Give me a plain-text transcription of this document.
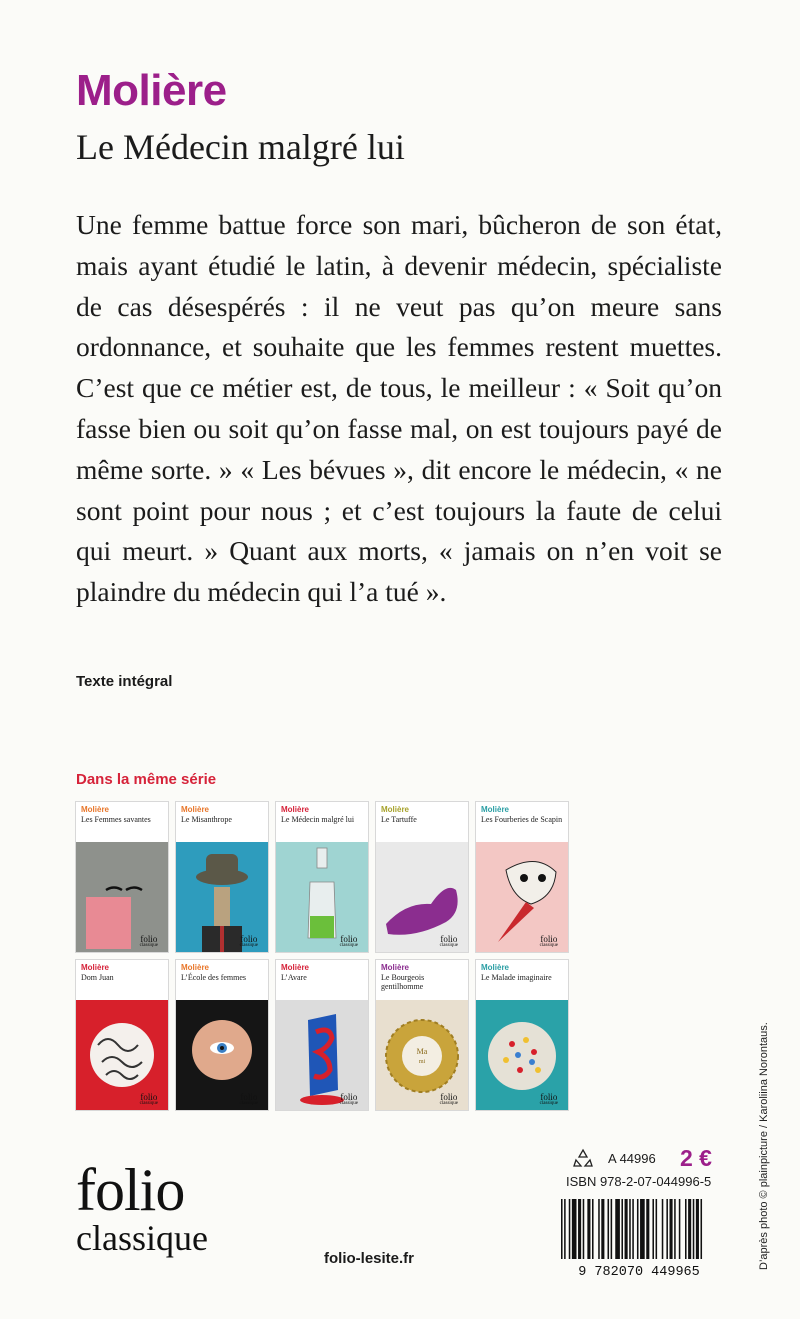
Molière
Le Médecin malgré lui

Une femme battue force son mari, bûcheron de son état, mais ayant étudié le latin, à devenir médecin, spécialiste de cas désespérés : il ne veut pas qu’on meure sans ordonnance, et souhaite que les femmes restent muettes. C’est que ce métier est, de tous, le meilleur : « Soit qu’on fasse bien ou soit qu’on fasse mal, on est toujours payé de même sorte. » « Les bévues », dit encore le médecin, « ne sont point pour nous ; et c’est toujours la faute de celui qui meurt. » Quant aux morts, « jamais on n’en voit se plaindre du médecin qui l’a tué ».

Texte intégral
Dans la même série
Molière
Les Femmes savantes
folio
classique
Molière
Le Misanthrope
folio
classique
Molière
Le Médecin malgré lui
folio
classique
Molière
Le Tartuffe
folio
classique
Molière
Les Fourberies de Scapin
folio
classique
Molière
Dom Juan
folio
classique
Molière
L’École des femmes
folio
classique
Molière
L’Avare
folio
classique
Molière
Le Bourgeois gentilhomme
Ma
mi
folio
classique
Molière
Le Malade imaginaire
folio
classique	D’après photo © plainpicture / Karoliina Norontaus.
A 44996 2 €
ISBN 978-2-07-044996-5
9 782070 449965
folio
classique
folio-lesite.fr
